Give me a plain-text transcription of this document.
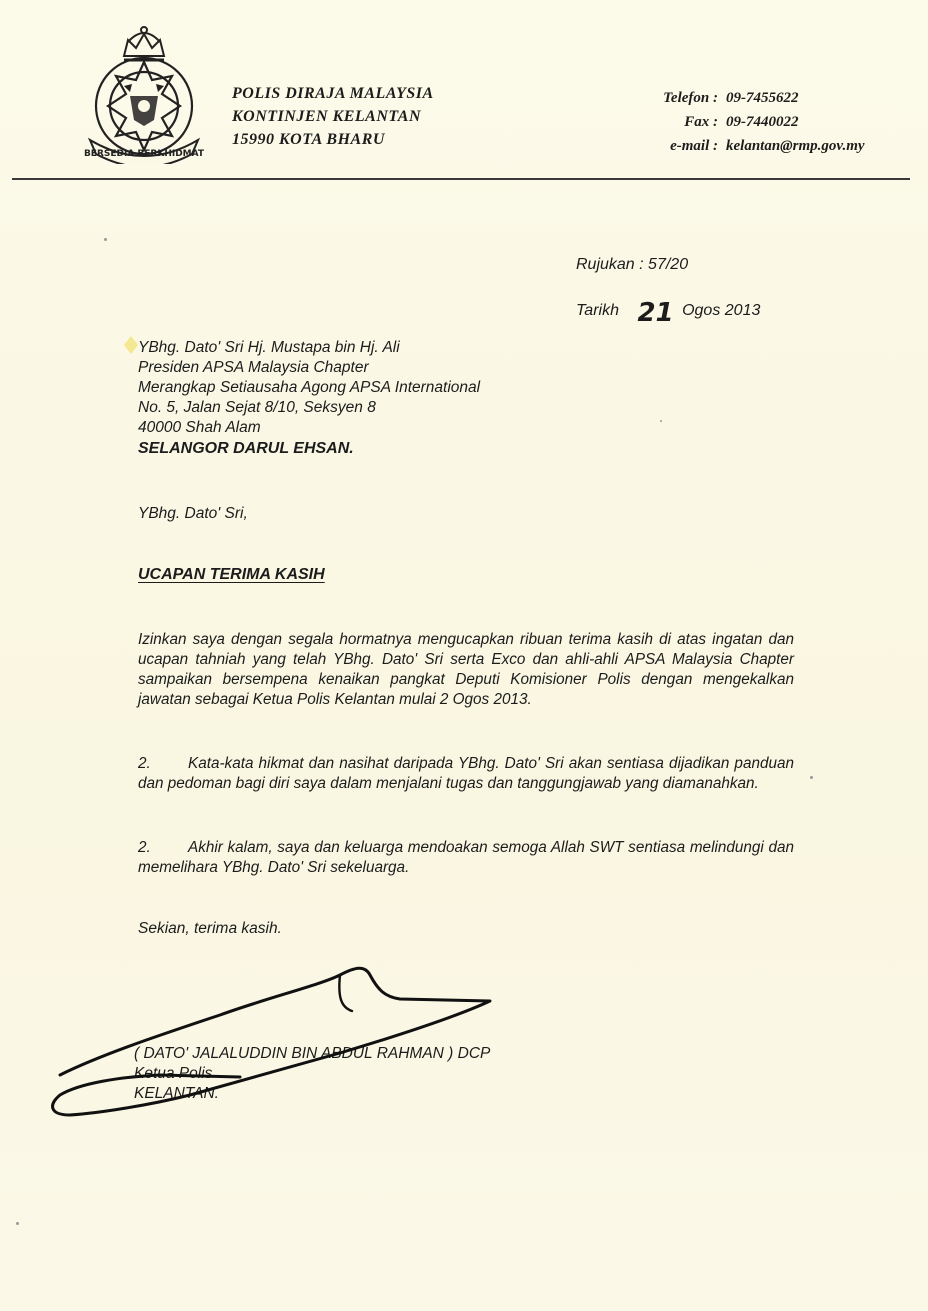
BERSEDIA BERKHIDMAT
POLIS DIRAJA MALAYSIA
KONTINJEN KELANTAN
15990 KOTA BHARU
Telefon : 09-7455622
Fax : 09-7440022
e-mail : kelantan@rmp.gov.my
Rujukan : 57/20
Tarikh 21 Ogos 2013
YBhg. Dato' Sri Hj. Mustapa bin Hj. Ali
Presiden APSA Malaysia Chapter
Merangkap Setiausaha Agong APSA International
No. 5, Jalan Sejat 8/10, Seksyen 8
40000 Shah Alam
SELANGOR DARUL EHSAN.
YBhg. Dato' Sri,
UCAPAN TERIMA KASIH
Izinkan saya dengan segala hormatnya mengucapkan ribuan terima kasih di atas ingatan dan ucapan tahniah yang telah YBhg. Dato' Sri serta Exco dan ahli-ahli APSA Malaysia Chapter sampaikan bersempena kenaikan pangkat Deputi Komisioner Polis dengan mengekalkan jawatan sebagai Ketua Polis Kelantan mulai 2 Ogos 2013.
2. Kata-kata hikmat dan nasihat daripada YBhg. Dato' Sri akan sentiasa dijadikan panduan dan pedoman bagi diri saya dalam menjalani tugas dan tanggungjawab yang diamanahkan.
2. Akhir kalam, saya dan keluarga mendoakan semoga Allah SWT sentiasa melindungi dan memelihara YBhg. Dato' Sri sekeluarga.
Sekian, terima kasih.
( DATO' JALALUDDIN BIN ABDUL RAHMAN ) DCP
Ketua Polis
KELANTAN.
